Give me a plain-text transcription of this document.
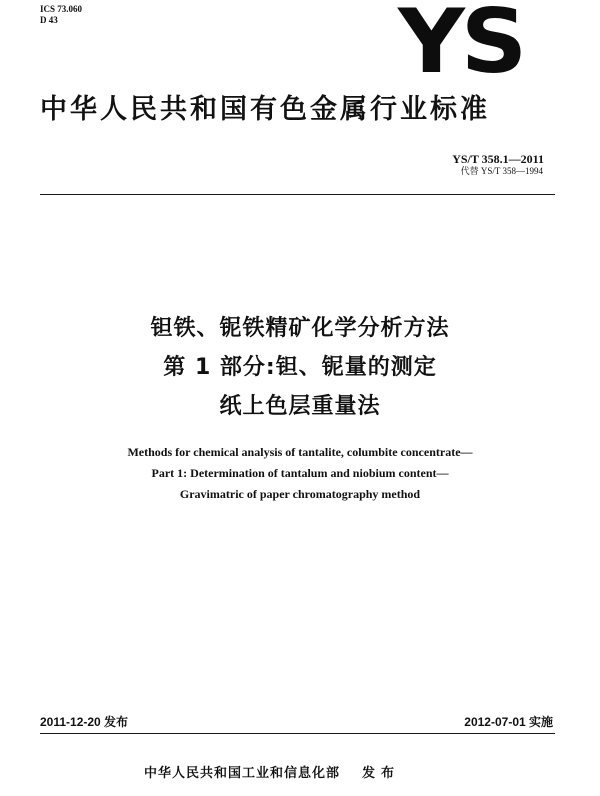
ICS 73.060
D 43	YS
中华人民共和国有色金属行业标准
YS/T 358.1—2011
代替 YS/T 358—1994
钽铁、铌铁精矿化学分析方法
第 1 部分:钽、铌量的测定
纸上色层重量法
Methods for chemical analysis of tantalite, columbite concentrate—
Part 1: Determination of tantalum and niobium content—
Gravimatric of paper chromatography method
2011-12-20 发布	2012-07-01 实施
中华人民共和国工业和信息化部 发布
